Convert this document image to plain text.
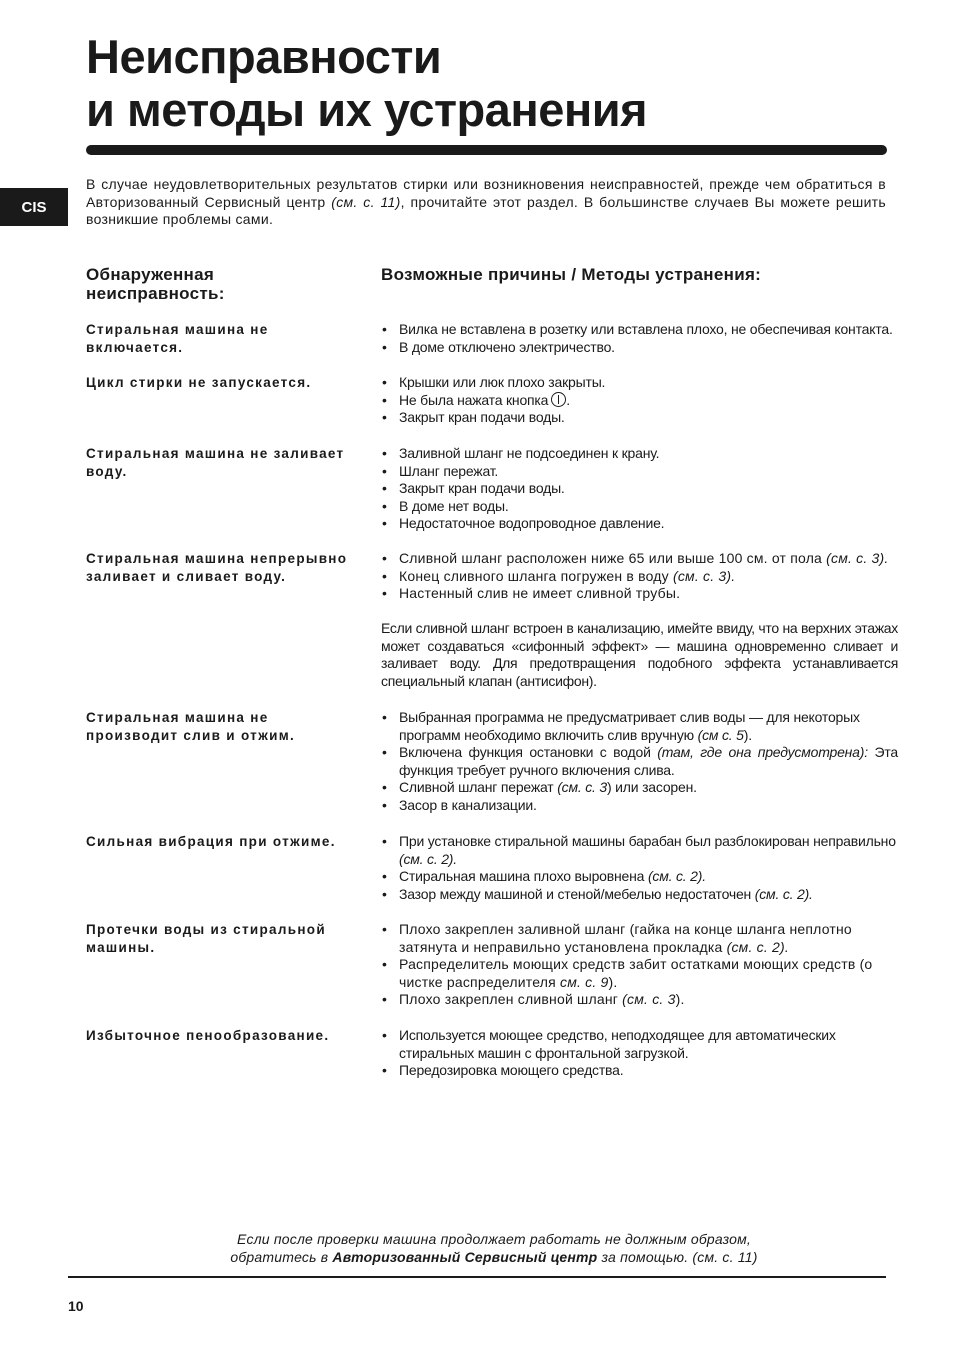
Неисправности
и методы их устранения
CIS

В случае неудовлетворительных результатов стирки или возникновения неисправностей, прежде чем обратиться в Авторизованный Сервисный центр (см. с. 11), прочитайте этот раздел. В большинстве случаев Вы можете решить возникшие проблемы сами.

Обнаруженная неисправность:
Возможные причины / Методы устранения:

Стиральная машина не включается.

• Вилка не вставлена в розетку или вставлена плохо, не обеспечивая контакта.
• В доме отключено электричество.

Цикл стирки не запускается.	• Крышки или люк плохо закрыты.
• Не была нажата кнопка .
• Закрыт кран подачи воды.

Стиральная машина не заливает воду.

• Заливной шланг не подсоединен к крану.
• Шланг пережат.
• Закрыт кран подачи воды.
• В доме нет воды.
• Недостаточное водопроводное давление.

Стиральная машина непрерывно заливает и сливает воду.

• Сливной шланг расположен ниже 65 или выше 100 см. от пола (см. с. 3).
• Конец сливного шланга погружен в воду (см. с. 3).
• Настенный слив не имеет сливной трубы.

Если сливной шланг встроен в канализацию, имейте ввиду, что на верхних этажах может создаваться «сифонный эффект» — машина одновременно сливает и заливает воду. Для предотвращения подобного эффекта устанавливается специальный клапан (антисифон).

Стиральная машина не производит слив и отжим.

• Выбранная программа не предусматривает слив воды — для некоторых программ необходимо включить слив вручную (см с. 5).
• Включена функция остановки с водой (там, где она предусмотрена): Эта функция требует ручного включения слива.
• Сливной шланг пережат (см. с. 3) или засорен.
• Засор в канализации.

Сильная вибрация при отжиме.	• При установке стиральной машины барабан был разблокирован неправильно (см. с. 2).
• Стиральная машина плохо выровнена (см. с. 2).
• Зазор между машиной и стеной/мебелью недостаточен (см. с. 2).

Протечки воды из стиральной машины.

• Плохо закреплен заливной шланг (гайка на конце шланга неплотно затянута и неправильно установлена прокладка (см. с. 2).
• Распределитель моющих средств забит остатками моющих средств (о чистке распределителя см. с. 9).
• Плохо закреплен сливной шланг (см. с. 3).

Избыточное пенообразование.	• Используется моющее средство, неподходящее для автоматических стиральных машин с фронтальной загрузкой.
• Передозировка моющего средства.

Если после проверки машина продолжает работать не должным образом,
обратитесь в Авторизованный Сервисный центр за помощью. (см. с. 11)

10
